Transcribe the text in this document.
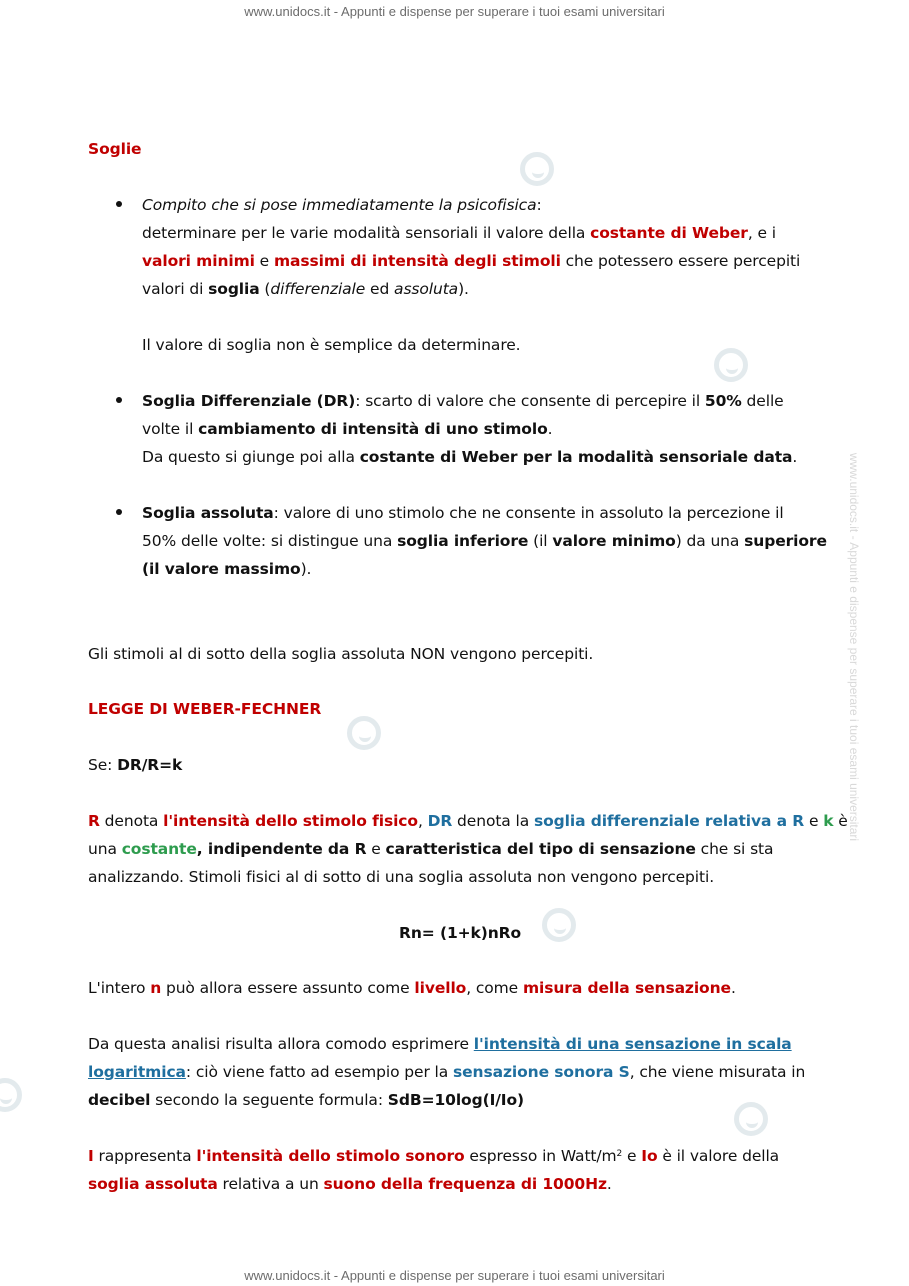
www.unidocs.it - Appunti e dispense per superare i tuoi esami universitari
www.unidocs.it - Appunti e dispense per superare i tuoi esami universitari
www.unidocs.it - Appunti e dispense per superare i tuoi esami universitari
Soglie
Compito che si pose immediatamente la psicofisica:
determinare per le varie modalità sensoriali il valore della costante di Weber, e i
valori minimi e massimi di intensità degli stimoli che potessero essere percepiti
valori di soglia (differenziale ed assoluta).
Il valore di soglia non è semplice da determinare.
Soglia Differenziale (DR): scarto di valore che consente di percepire il 50% delle
volte il cambiamento di intensità di uno stimolo.
Da questo si giunge poi alla costante di Weber per la modalità sensoriale data.
Soglia assoluta: valore di uno stimolo che ne consente in assoluto la percezione il
50% delle volte: si distingue una soglia inferiore (il valore minimo) da una superiore
(il valore massimo).
Gli stimoli al di sotto della soglia assoluta NON vengono percepiti.
LEGGE DI WEBER-FECHNER
Se: DR/R=k
R denota l'intensità dello stimolo fisico, DR denota la soglia differenziale relativa a R e k è
una costante, indipendente da R e caratteristica del tipo di sensazione che si sta
analizzando. Stimoli fisici al di sotto di una soglia assoluta non vengono percepiti.
Rn= (1+k)nRo
L'intero n può allora essere assunto come livello, come misura della sensazione.
Da questa analisi risulta allora comodo esprimere l'intensità di una sensazione in scala
logaritmica: ciò viene fatto ad esempio per la sensazione sonora S, che viene misurata in
decibel secondo la seguente formula: SdB=10log(I/Io)
I rappresenta l'intensità dello stimolo sonoro espresso in Watt/$m^2$ e Io è il valore della
soglia assoluta relativa a un suono della frequenza di 1000Hz.
